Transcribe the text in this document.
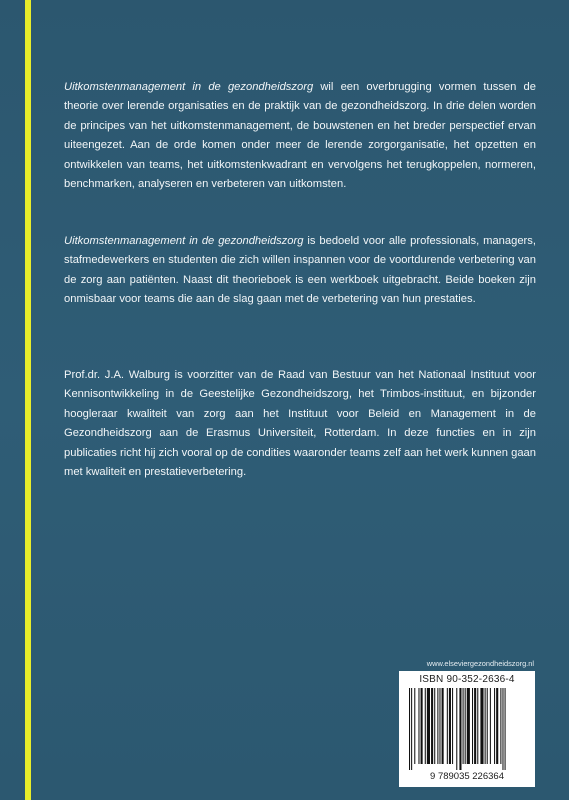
Uitkomstenmanagement in de gezondheidszorg wil een overbrugging vormen tussen de theorie over lerende organisaties en de praktijk van de gezondheidszorg. In drie delen worden de principes van het uitkomstenmanagement, de bouwstenen en het breder perspectief ervan uiteengezet. Aan de orde komen onder meer de lerende zorgorganisatie, het opzetten en ontwikkelen van teams, het uitkomstenkwadrant en vervolgens het terugkoppelen, normeren, benchmarken, analyseren en verbeteren van uitkomsten.

Uitkomstenmanagement in de gezondheidszorg is bedoeld voor alle professionals, managers, stafmedewerkers en studenten die zich willen inspannen voor de voortdurende verbetering van de zorg aan patiënten. Naast dit theorieboek is een werkboek uitgebracht. Beide boeken zijn onmisbaar voor teams die aan de slag gaan met de verbetering van hun prestaties.

Prof.dr. J.A. Walburg is voorzitter van de Raad van Bestuur van het Nationaal Instituut voor Kennisontwikkeling in de Geestelijke Gezondheidszorg, het Trimbos-instituut, en bijzonder hoogleraar kwaliteit van zorg aan het Instituut voor Beleid en Management in de Gezondheidszorg aan de Erasmus Universiteit, Rotterdam. In deze functies en in zijn publicaties richt hij zich vooral op de condities waaronder teams zelf aan het werk kunnen gaan met kwaliteit en prestatieverbetering.

www.elseviergezondheidszorg.nl
ISBN 90-352-2636-4
9 789035 226364
